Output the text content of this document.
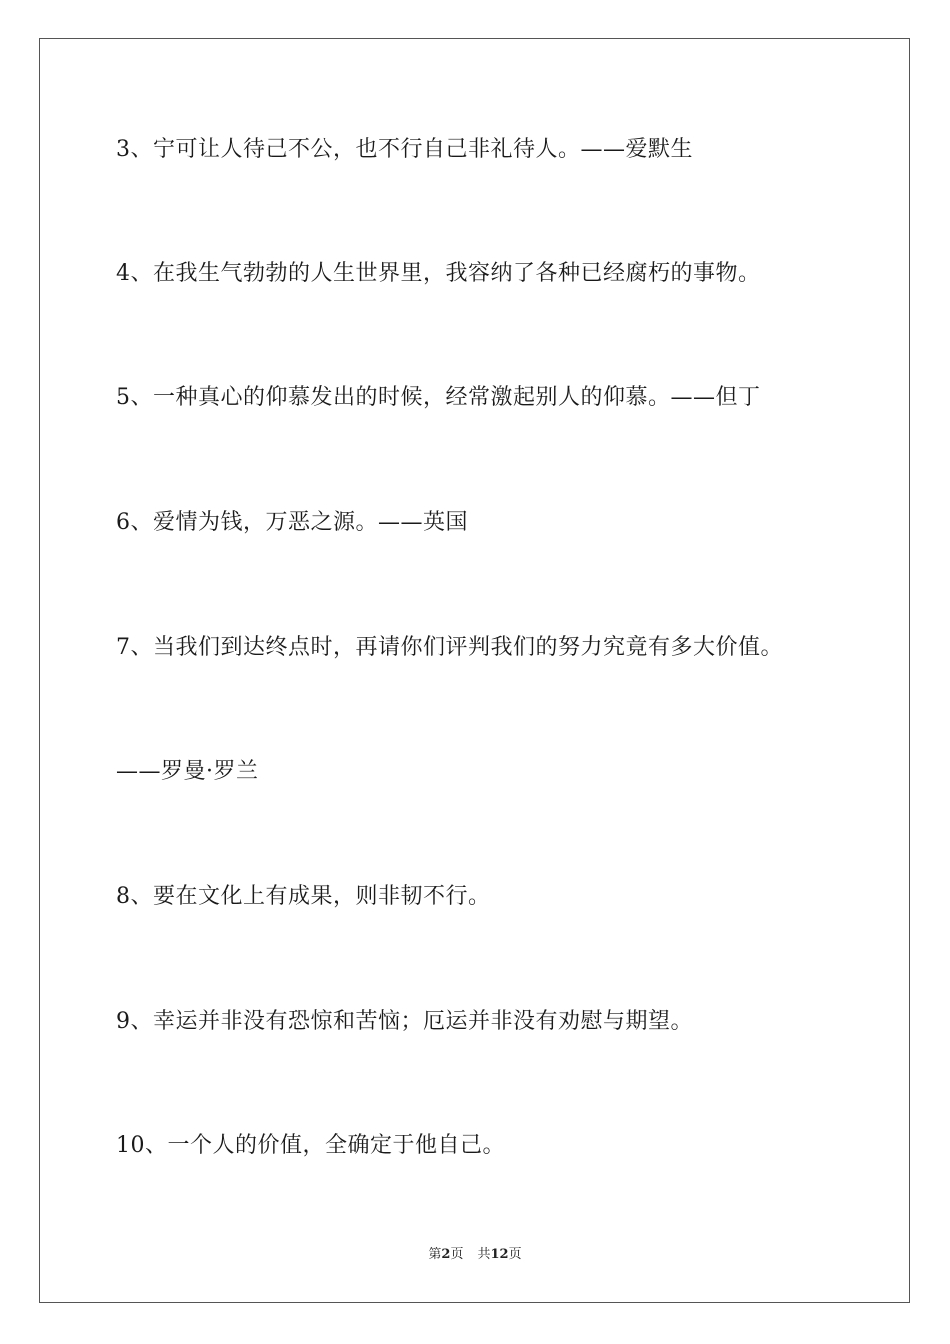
3、宁可让人待己不公，也不行自己非礼待人。——爱默生
4、在我生气勃勃的人生世界里，我容纳了各种已经腐朽的事物。
5、一种真心的仰慕发出的时候，经常激起别人的仰慕。——但丁
6、爱情为钱，万恶之源。——英国
7、当我们到达终点时，再请你们评判我们的努力究竟有多大价值。
——罗曼·罗兰
8、要在文化上有成果，则非韧不行。
9、幸运并非没有恐惊和苦恼；厄运并非没有劝慰与期望。
10、一个人的价值，全确定于他自己。
第2页 共12页
